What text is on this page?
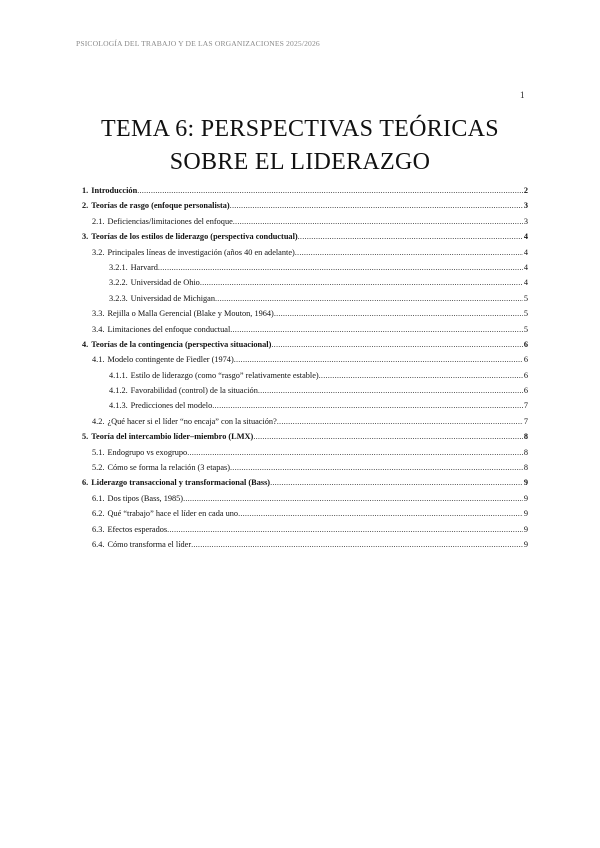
PSICOLOGÍA DEL TRABAJO Y DE LAS ORGANIZACIONES 2025/2026
1
TEMA 6: PERSPECTIVAS TEÓRICAS
SOBRE EL LIDERAZGO
1. Introducción .....	2
2. Teorías de rasgo (enfoque personalista) .....	3
2.1. Deficiencias/limitaciones del enfoque .....	3
3. Teorías de los estilos de liderazgo (perspectiva conductual) .....	4
3.2. Principales líneas de investigación (años 40 en adelante) .....	4
3.2.1. Harvard .....	4
3.2.2. Universidad de Ohio .....	4
3.2.3. Universidad de Michigan .....	5
3.3. Rejilla o Malla Gerencial (Blake y Mouton, 1964) .....	5
3.4. Limitaciones del enfoque conductual .....	5
4. Teorías de la contingencia (perspectiva situacional) .....	6
4.1. Modelo contingente de Fiedler (1974) .....	6
4.1.1. Estilo de liderazgo (como “rasgo” relativamente estable) .....	6
4.1.2. Favorabilidad (control) de la situación .....	6
4.1.3. Predicciones del modelo .....	7
4.2. ¿Qué hacer si el líder “no encaja” con la situación? .....	7
5. Teoría del intercambio líder–miembro (LMX) .....	8
5.1. Endogrupo vs exogrupo .....	8
5.2. Cómo se forma la relación (3 etapas) .....	8
6. Liderazgo transaccional y transformacional (Bass) .....	9
6.1. Dos tipos (Bass, 1985) .....	9
6.2. Qué “trabajo” hace el líder en cada uno .....	9
6.3. Efectos esperados .....	9
6.4. Cómo transforma el líder .....	9
